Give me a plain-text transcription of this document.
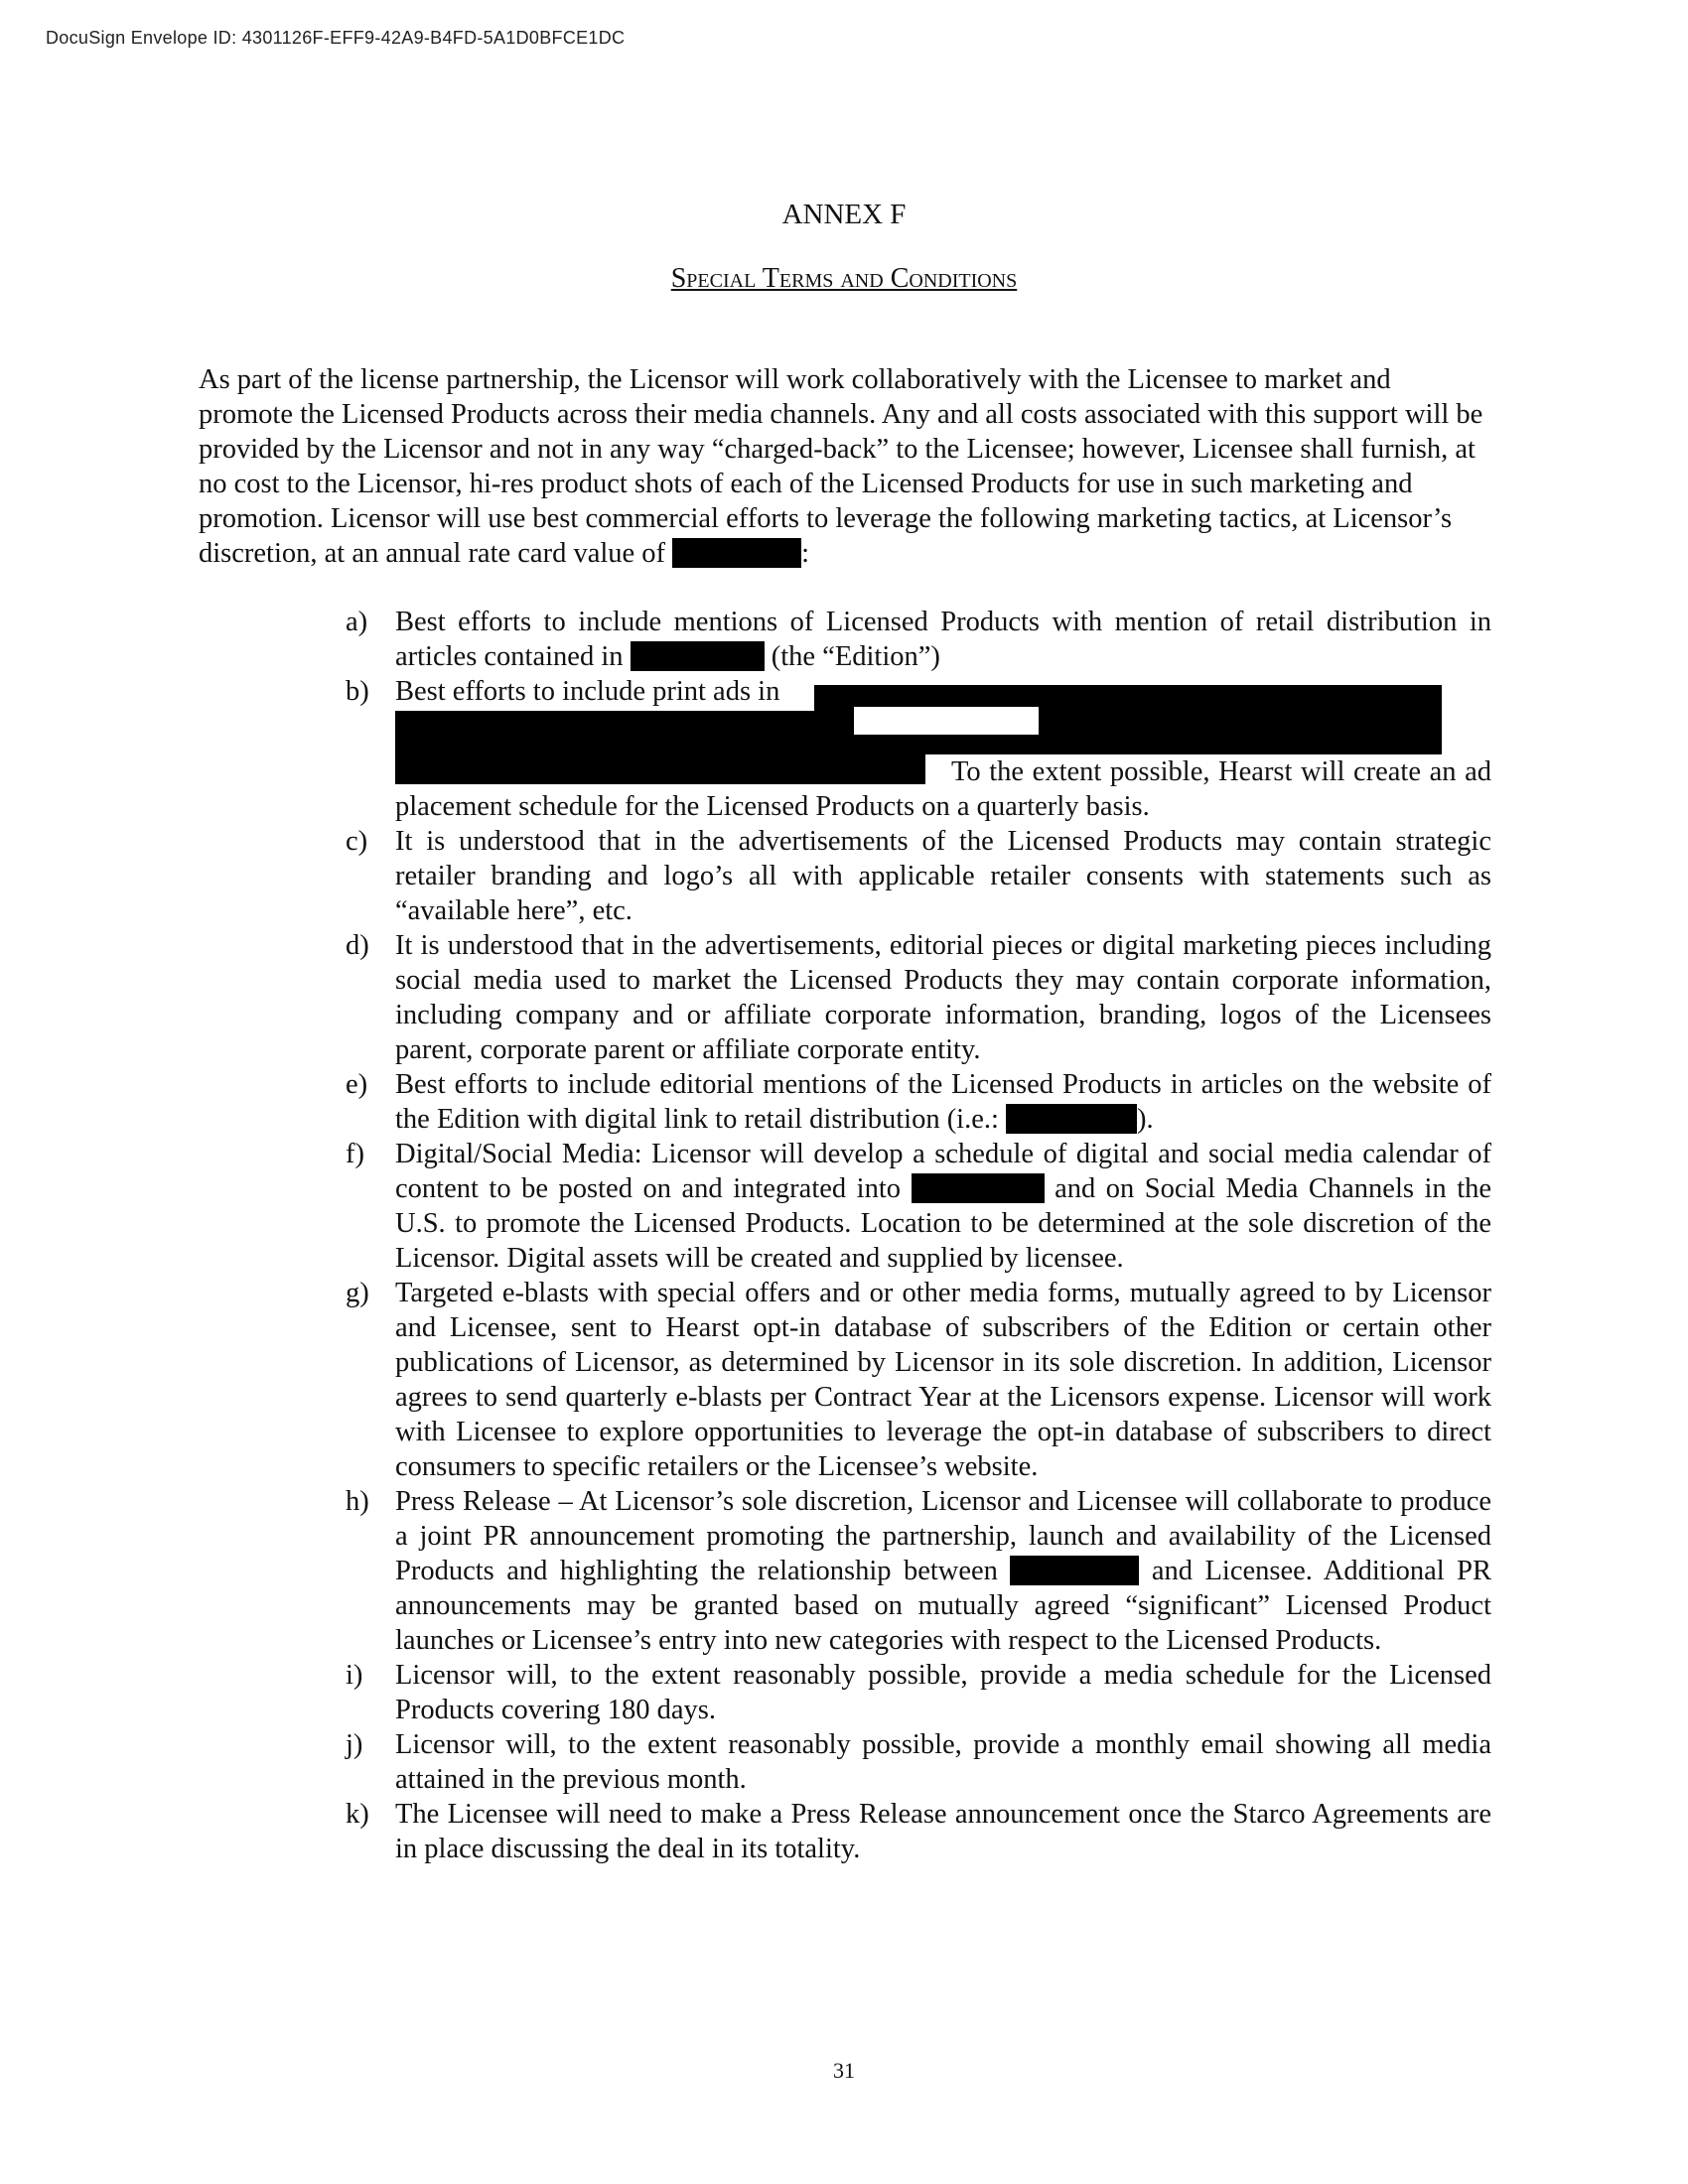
DocuSign Envelope ID: 4301126F-EFF9-42A9-B4FD-5A1D0BFCE1DC
ANNEX F
Special Terms and Conditions

As part of the license partnership, the Licensor will work collaboratively with the Licensee to market and promote the Licensed Products across their media channels. Any and all costs associated with this support will be provided by the Licensor and not in any way “charged-back” to the Licensee; however, Licensee shall furnish, at no cost to the Licensor, hi-res product shots of each of the Licensed Products for use in such marketing and promotion. Licensor will use best commercial efforts to leverage the following marketing tactics, at Licensor’s discretion, at an annual rate card value of	:

a) Best efforts to include mentions of Licensed Products with mention of retail distribution in articles contained in	(the “Edition”)
b) Best efforts to include print ads in
To the extent possible, Hearst will create an ad placement schedule for the Licensed Products on a quarterly basis.
c) It is understood that in the advertisements of the Licensed Products may contain strategic retailer branding and logo’s all with applicable retailer consents with statements such as “available here”, etc.
d) It is understood that in the advertisements, editorial pieces or digital marketing pieces including social media used to market the Licensed Products they may contain corporate information, including company and or affiliate corporate information, branding, logos of the Licensees parent, corporate parent or affiliate corporate entity.
e) Best efforts to include editorial mentions of the Licensed Products in articles on the website of the Edition with digital link to retail distribution (i.e.:	).
f) Digital/Social Media: Licensor will develop a schedule of digital and social media calendar of content to be posted on and integrated into	and on Social Media Channels in the U.S. to promote the Licensed Products. Location to be determined at the sole discretion of the Licensor. Digital assets will be created and supplied by licensee.
g) Targeted e-blasts with special offers and or other media forms, mutually agreed to by Licensor and Licensee, sent to Hearst opt-in database of subscribers of the Edition or certain other publications of Licensor, as determined by Licensor in its sole discretion. In addition, Licensor agrees to send quarterly e-blasts per Contract Year at the Licensors expense. Licensor will work with Licensee to explore opportunities to leverage the opt-in database of subscribers to direct consumers to specific retailers or the Licensee’s website.
h) Press Release – At Licensor’s sole discretion, Licensor and Licensee will collaborate to produce a joint PR announcement promoting the partnership, launch and availability of the Licensed Products and highlighting the relationship between	and Licensee. Additional PR announcements may be granted based on mutually agreed “significant” Licensed Product launches or Licensee’s entry into new categories with respect to the Licensed Products.
i) Licensor will, to the extent reasonably possible, provide a media schedule for the Licensed Products covering 180 days.
j) Licensor will, to the extent reasonably possible, provide a monthly email showing all media attained in the previous month.
k) The Licensee will need to make a Press Release announcement once the Starco Agreements are in place discussing the deal in its totality.
31
